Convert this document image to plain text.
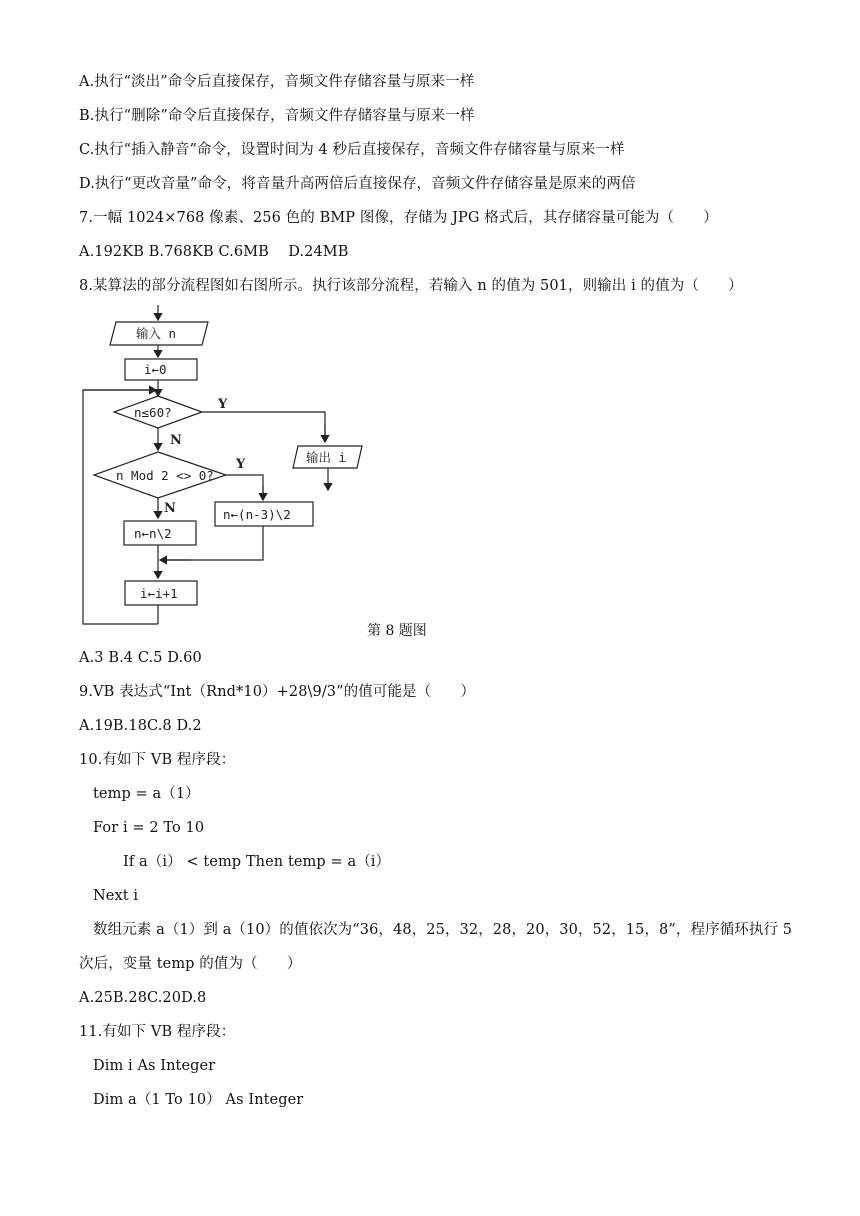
A.执行“淡出”命令后直接保存，音频文件存储容量与原来一样
B.执行“删除”命令后直接保存，音频文件存储容量与原来一样
C.执行“插入静音”命令，设置时间为 4 秒后直接保存，音频文件存储容量与原来一样
D.执行“更改音量”命令，将音量升高两倍后直接保存，音频文件存储容量是原来的两倍
7.一幅 1024×768 像素、256 色的 BMP 图像，存储为 JPG 格式后，其存储容量可能为（　　）
A.192KB B.768KB C.6MB　 D.24MB
8.某算法的部分流程图如右图所示。执行该部分流程，若输入 n 的值为 501，则输出 i 的值为（　　）
输入 n
i←0
n≤60?
Y
N
输出 i
n Mod 2 <> 0?
Y
N	n←(n-3)\2
n←n\2
i←i+1
第 8 题图
A.3 B.4 C.5 D.60
9.VB 表达式“Int（Rnd*10）+28\9/3”的值可能是（　　）
A.19B.18C.8 D.2
10.有如下 VB 程序段：
temp = a（1）
For i = 2 To 10
If a（i） < temp Then temp = a（i）
Next i
数组元素 a（1）到 a（10）的值依次为“36，48，25，32，28，20，30，52，15，8”，程序循环执行 5
次后，变量 temp 的值为（　　）
A.25B.28C.20D.8
11.有如下 VB 程序段：
Dim i As Integer
Dim a（1 To 10） As Integer
